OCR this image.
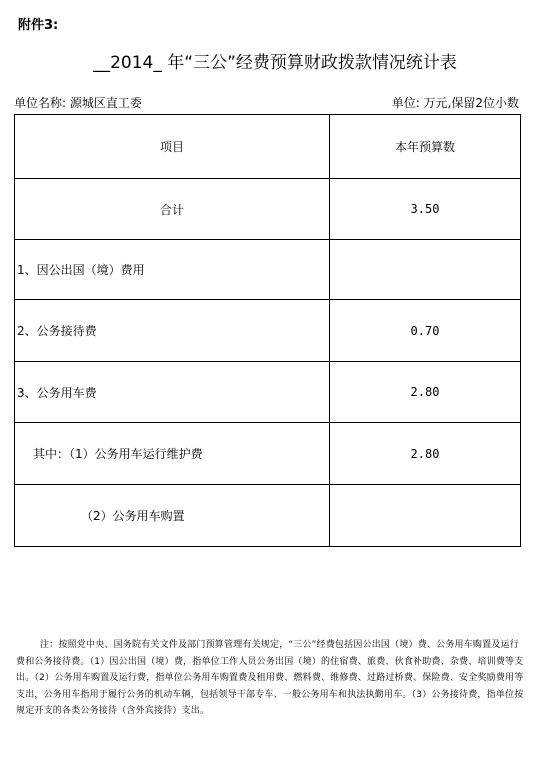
附件3:
__2014_ 年“三公”经费预算财政拨款情况统计表
单位名称: 源城区直工委	单位: 万元,保留2位小数
项目	本年预算数
合计	3.50
1、因公出国（境）费用	
2、公务接待费	0.70
3、公务用车费	2.80
其中：（1）公务用车运行维护费	2.80
（2）公务用车购置	
注：按照党中央、国务院有关文件及部门预算管理有关规定，“三公”经费包括因公出国（境）费、公务用车购置及运行费和公务接待费。（1）因公出国（境）费，指单位工作人员公务出国（境）的住宿费、旅费、伙食补助费、杂费、培训费等支出。（2）公务用车购置及运行费，指单位公务用车购置费及租用费、燃料费、维修费、过路过桥费、保险费、安全奖励费用等支出，公务用车指用于履行公务的机动车辆，包括领导干部专车、一般公务用车和执法执勤用车。（3）公务接待费，指单位按规定开支的各类公务接待（含外宾接待）支出。
